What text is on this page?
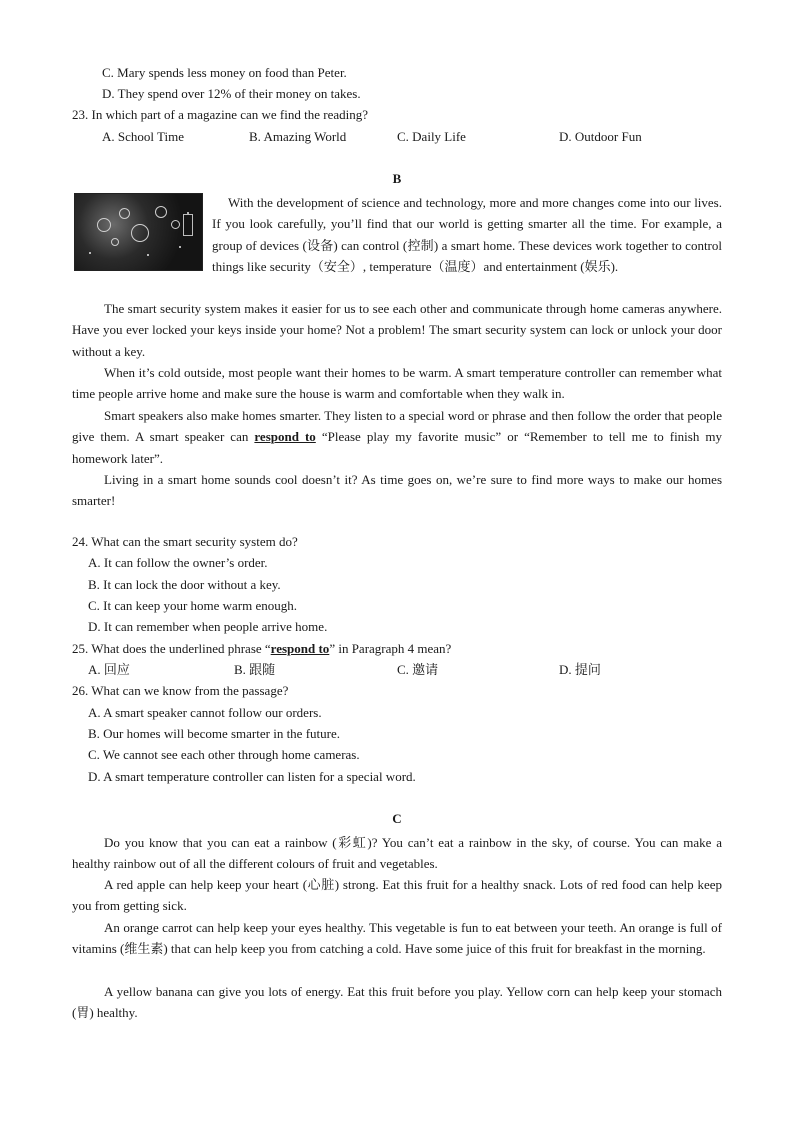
C. Mary spends less money on food than Peter.
D. They spend over 12% of their money on takes.
23. In which part of a magazine can we find the reading?
A. School Time	B. Amazing World	C. Daily Life	D. Outdoor Fun
B
With the development of science and technology, more and more changes come into our lives. If you look carefully, you’ll find that our world is getting smarter all the time. For example, a group of devices (设备) can control (控制) a smart home. These devices work together to control things like security（安全）, temperature（温度）and entertainment (娱乐).

The smart security system makes it easier for us to see each other and communicate through home cameras anywhere. Have you ever locked your keys inside your home? Not a problem! The smart security system can lock or unlock your door without a key.

When it’s cold outside, most people want their homes to be warm. A smart temperature controller can remember what time people arrive home and make sure the house is warm and comfortable when they walk in.

Smart speakers also make homes smarter. They listen to a special word or phrase and then follow the order that people give them. A smart speaker can respond to “Please play my favorite music” or “Remember to tell me to finish my homework later”.

Living in a smart home sounds cool doesn’t it? As time goes on, we’re sure to find more ways to make our homes smarter!

24. What can the smart security system do?
A. It can follow the owner’s order.
B. It can lock the door without a key.
C. It can keep your home warm enough.
D. It can remember when people arrive home.
25. What does the underlined phrase “respond to” in Paragraph 4 mean?
A. 回应	B. 跟随	C. 邀请	D. 提问
26. What can we know from the passage?
A. A smart speaker cannot follow our orders.
B. Our homes will become smarter in the future.
C. We cannot see each other through home cameras.
D. A smart temperature controller can listen for a special word.
C

Do you know that you can eat a rainbow (彩虹)? You can’t eat a rainbow in the sky, of course. You can make a healthy rainbow out of all the different colours of fruit and vegetables.

A red apple can help keep your heart (心脏) strong. Eat this fruit for a healthy snack. Lots of red food can help keep you from getting sick.

An orange carrot can help keep your eyes healthy. This vegetable is fun to eat between your teeth. An orange is full of vitamins (维生素) that can help keep you from catching a cold. Have some juice of this fruit for breakfast in the morning.

A yellow banana can give you lots of energy. Eat this fruit before you play. Yellow corn can help keep your stomach (胃) healthy.
